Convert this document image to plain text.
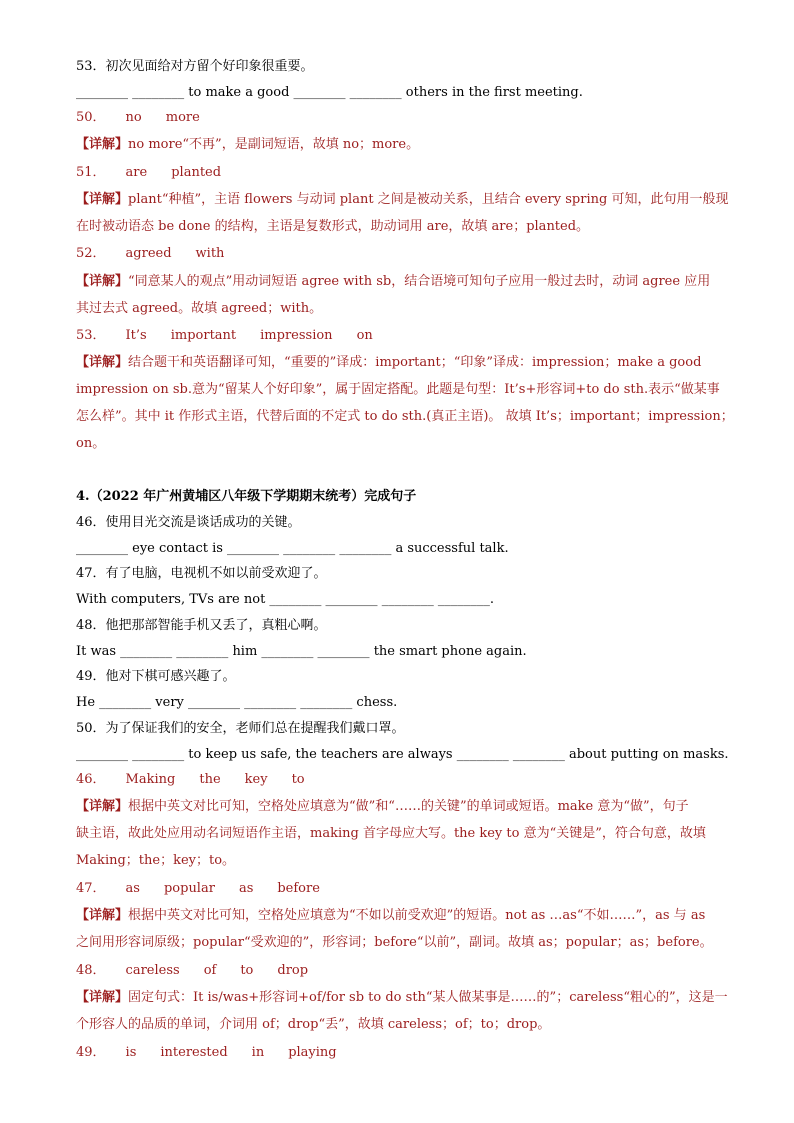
53．初次见面给对方留个好印象很重要。
________ ________ to make a good ________ ________ others in the first meeting.
50． no more
【详解】no more“不再”，是副词短语，故填 no；more。
51． are planted
【详解】plant“种植”，主语 flowers 与动词 plant 之间是被动关系，且结合 every spring 可知，此句用一般现
在时被动语态 be done 的结构，主语是复数形式，助动词用 are，故填 are；planted。
52． agreed with
【详解】“同意某人的观点”用动词短语 agree with sb，结合语境可知句子应用一般过去时，动词 agree 应用
其过去式 agreed。故填 agreed；with。
53． It’s important impression on
【详解】结合题干和英语翻译可知，“重要的”译成：important；“印象”译成：impression；make a good
impression on sb.意为“留某人个好印象”，属于固定搭配。此题是句型：It’s+形容词+to do sth.表示“做某事
怎么样”。其中 it 作形式主语，代替后面的不定式 to do sth.(真正主语)。 故填 It’s；important；impression；
on。
4.（2022 年广州黄埔区八年级下学期期末统考）完成句子
46．使用目光交流是谈话成功的关键。
________ eye contact is ________ ________ ________ a successful talk.
47．有了电脑，电视机不如以前受欢迎了。
With computers, TVs are not ________ ________ ________ ________.
48．他把那部智能手机又丢了，真粗心啊。
It was ________ ________ him ________ ________ the smart phone again.
49．他对下棋可感兴趣了。
He ________ very ________ ________ ________ chess.
50．为了保证我们的安全，老师们总在提醒我们戴口罩。
________ ________ to keep us safe, the teachers are always ________ ________ about putting on masks.
46． Making the key to
【详解】根据中英文对比可知，空格处应填意为“做”和“……的关键”的单词或短语。make 意为“做”，句子
缺主语，故此处应用动名词短语作主语，making 首字母应大写。the key to 意为“关键是”，符合句意，故填
Making；the；key；to。
47． as popular as before
【详解】根据中英文对比可知，空格处应填意为“不如以前受欢迎”的短语。not as …as“不如……”，as 与 as
之间用形容词原级；popular“受欢迎的”，形容词；before“以前”，副词。故填 as；popular；as；before。
48． careless of to drop
【详解】固定句式：It is/was+形容词+of/for sb to do sth“某人做某事是……的”；careless“粗心的”，这是一
个形容人的品质的单词，介词用 of；drop“丢”，故填 careless；of；to；drop。
49． is interested in playing
